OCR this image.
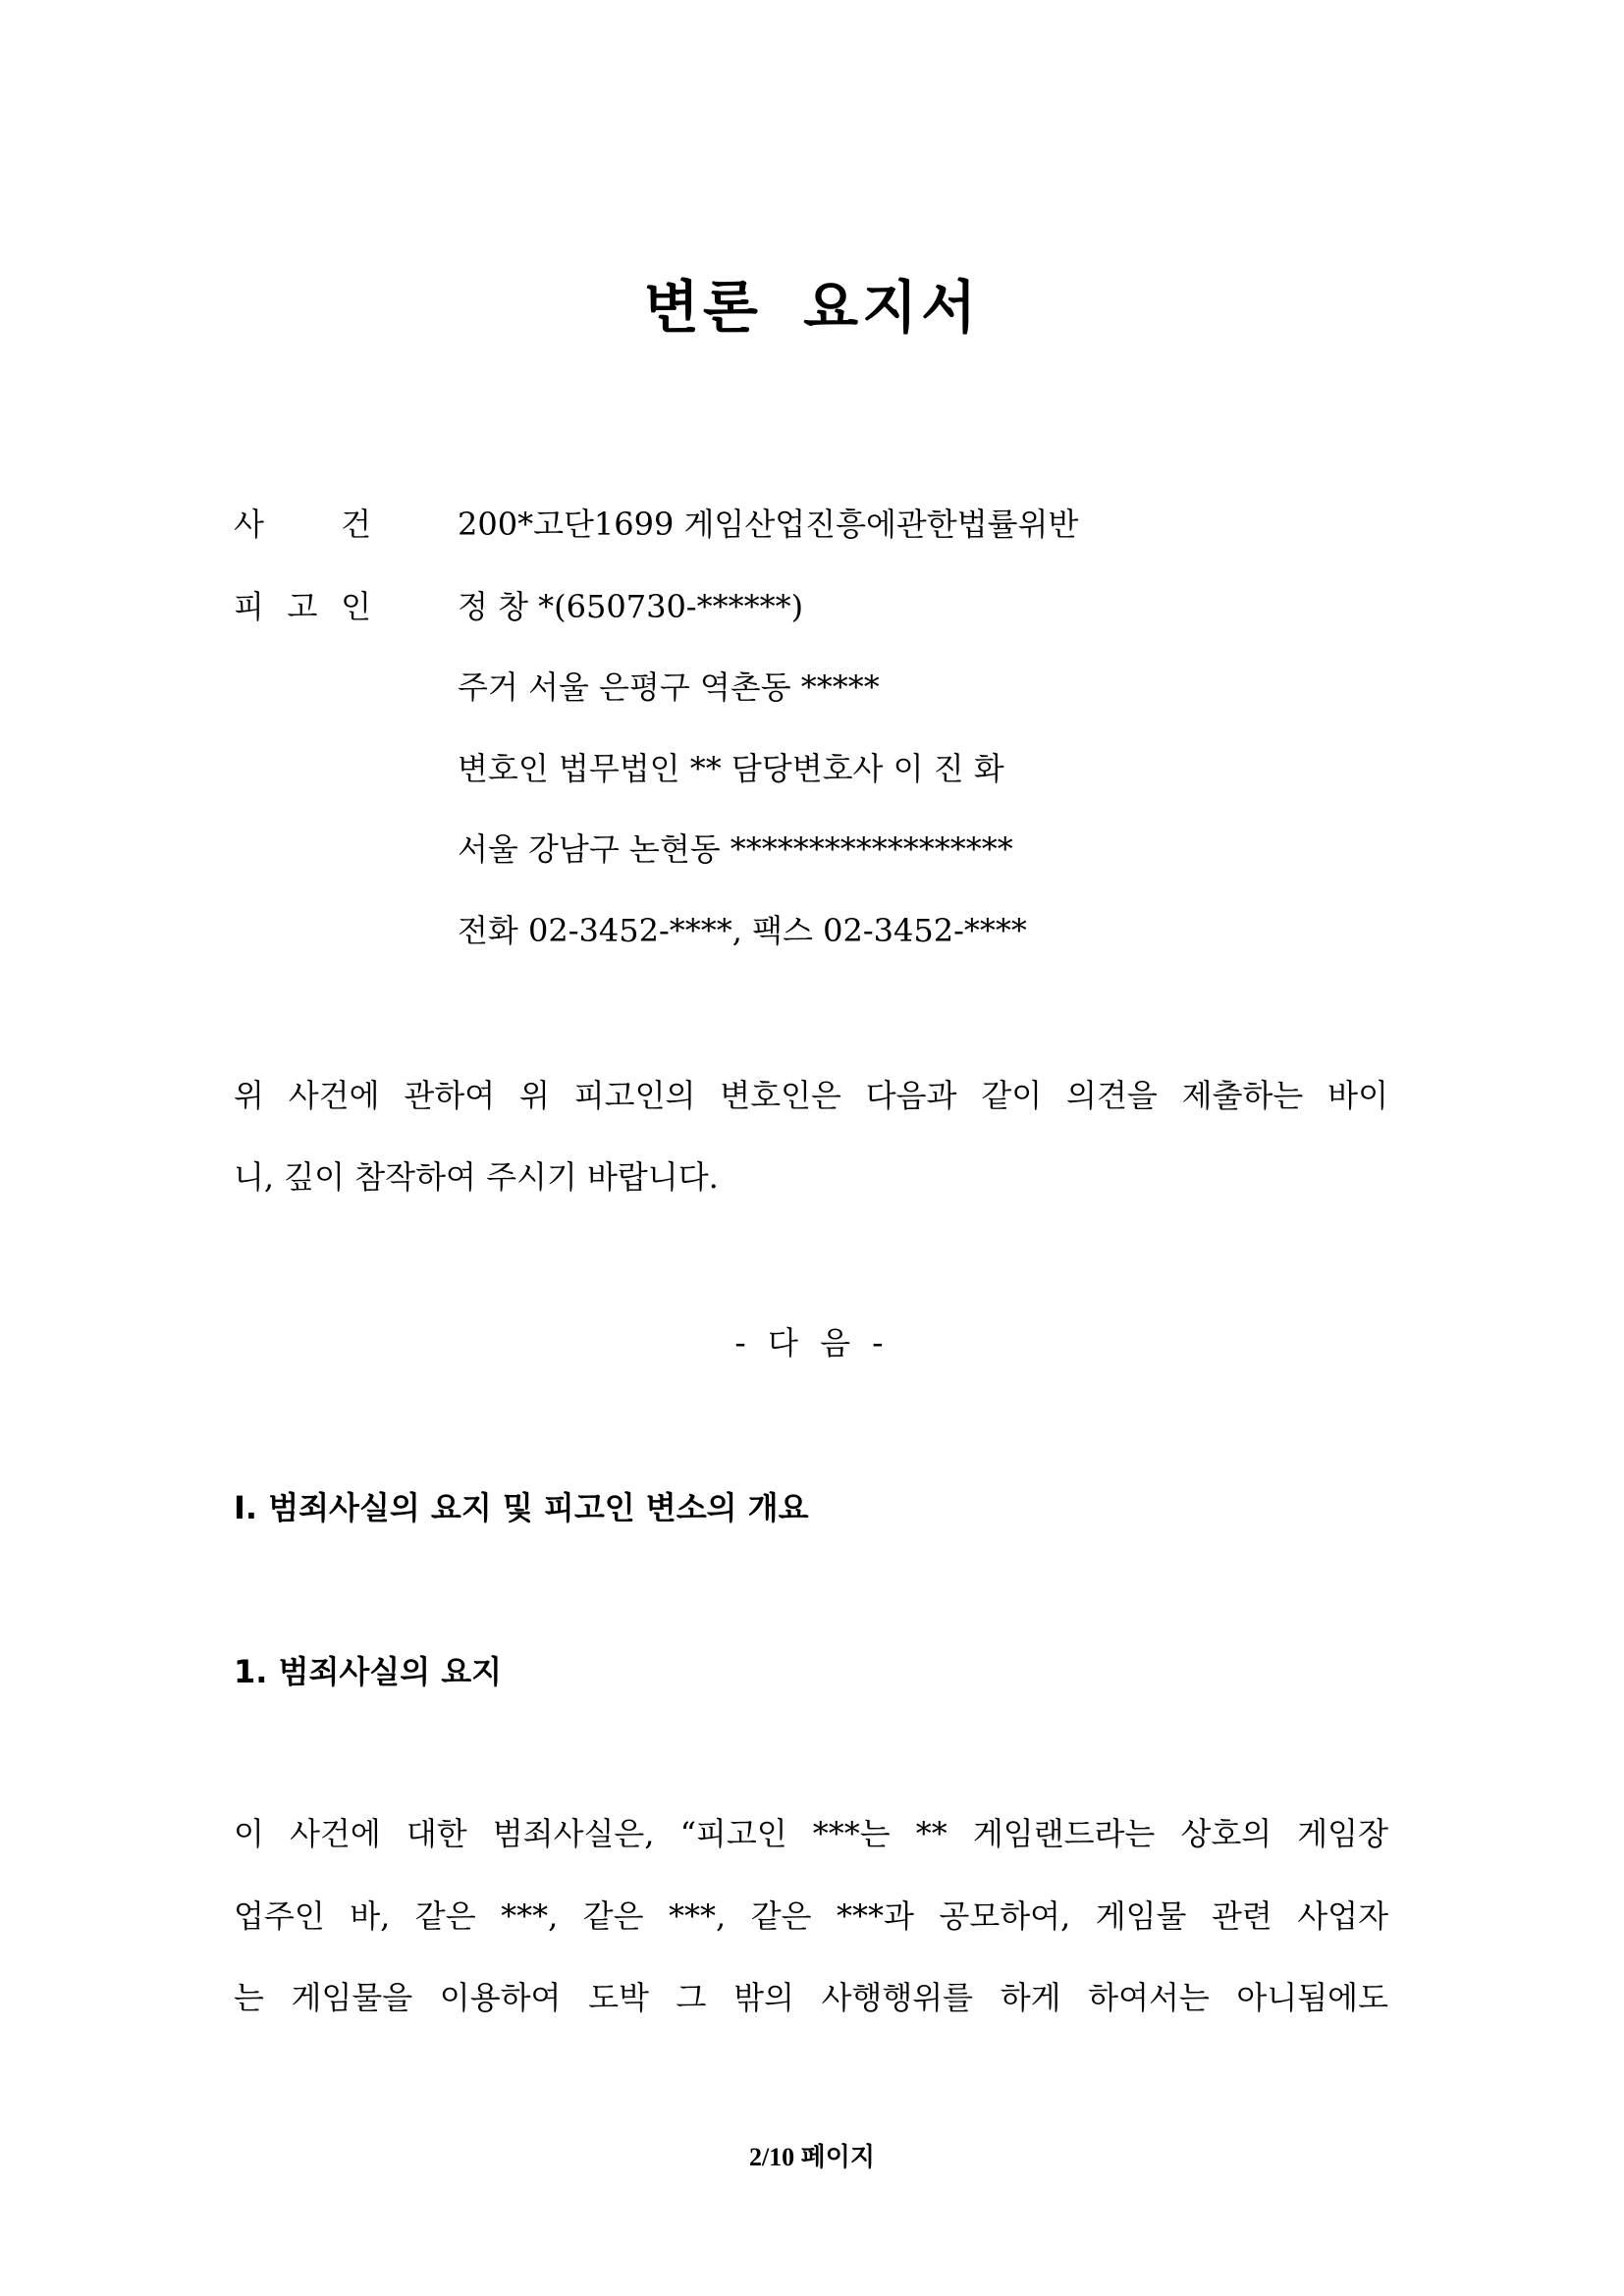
변론 요지서
사 건	200*고단1699 게임산업진흥에관한법률위반
피 고 인	정 창 *(650730-******)
주거 서울 은평구 역촌동 *****
변호인 법무법인 ** 담당변호사 이 진 화
서울 강남구 논현동 ******************
전화 02-3452-****, 팩스 02-3452-****
위 사건에 관하여 위 피고인의 변호인은 다음과 같이 의견을 제출하는 바이
니, 깊이 참작하여 주시기 바랍니다.
- 다 음 -
Ⅰ. 범죄사실의 요지 및 피고인 변소의 개요
1. 범죄사실의 요지
이 사건에 대한 범죄사실은, “피고인 ***는 ** 게임랜드라는 상호의 게임장
업주인 바, 같은 ***, 같은 ***, 같은 ***과 공모하여, 게임물 관련 사업자
는 게임물을 이용하여 도박 그 밖의 사행행위를 하게 하여서는 아니됨에도
2/10 페이지
